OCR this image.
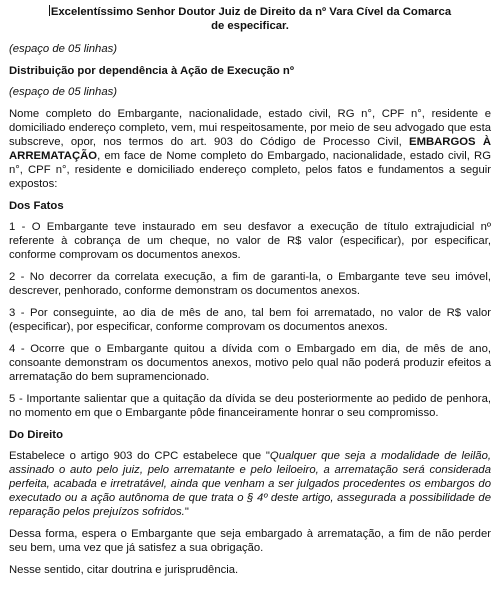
Excelentíssimo Senhor Doutor Juiz de Direito da nº Vara Cível da Comarca
de especificar.

(espaço de 05 linhas)

Distribuição por dependência à Ação de Execução nº

(espaço de 05 linhas)

Nome completo do Embargante, nacionalidade, estado civil, RG n°, CPF n°, residente e domiciliado endereço completo, vem, mui respeitosamente, por meio de seu advogado que esta subscreve, opor, nos termos do art. 903 do Código de Processo Civil, EMBARGOS À ARREMATAÇÃO, em face de Nome completo do Embargado, nacionalidade, estado civil, RG n°, CPF n°, residente e domiciliado endereço completo, pelos fatos e fundamentos a seguir expostos:

Dos Fatos

1 - O Embargante teve instaurado em seu desfavor a execução de título extrajudicial nº referente à cobrança de um cheque, no valor de R$ valor (especificar), por especificar, conforme comprovam os documentos anexos.

2 - No decorrer da correlata execução, a fim de garanti-la, o Embargante teve seu imóvel, descrever, penhorado, conforme demonstram os documentos anexos.

3 - Por conseguinte, ao dia de mês de ano, tal bem foi arrematado, no valor de R$ valor (especificar), por especificar, conforme comprovam os documentos anexos.

4 - Ocorre que o Embargante quitou a dívida com o Embargado em dia, de mês de ano, consoante demonstram os documentos anexos, motivo pelo qual não poderá produzir efeitos a arrematação do bem supramencionado.

5 - Importante salientar que a quitação da dívida se deu posteriormente ao pedido de penhora, no momento em que o Embargante pôde financeiramente honrar o seu compromisso.

Do Direito

Estabelece o artigo 903 do CPC estabelece que "Qualquer que seja a modalidade de leilão, assinado o auto pelo juiz, pelo arrematante e pelo leiloeiro, a arrematação será considerada perfeita, acabada e irretratável, ainda que venham a ser julgados procedentes os embargos do executado ou a ação autônoma de que trata o § 4º deste artigo, assegurada a possibilidade de reparação pelos prejuízos sofridos."

Dessa forma, espera o Embargante que seja embargado à arrematação, a fim de não perder seu bem, uma vez que já satisfez a sua obrigação.

Nesse sentido, citar doutrina e jurisprudência.
